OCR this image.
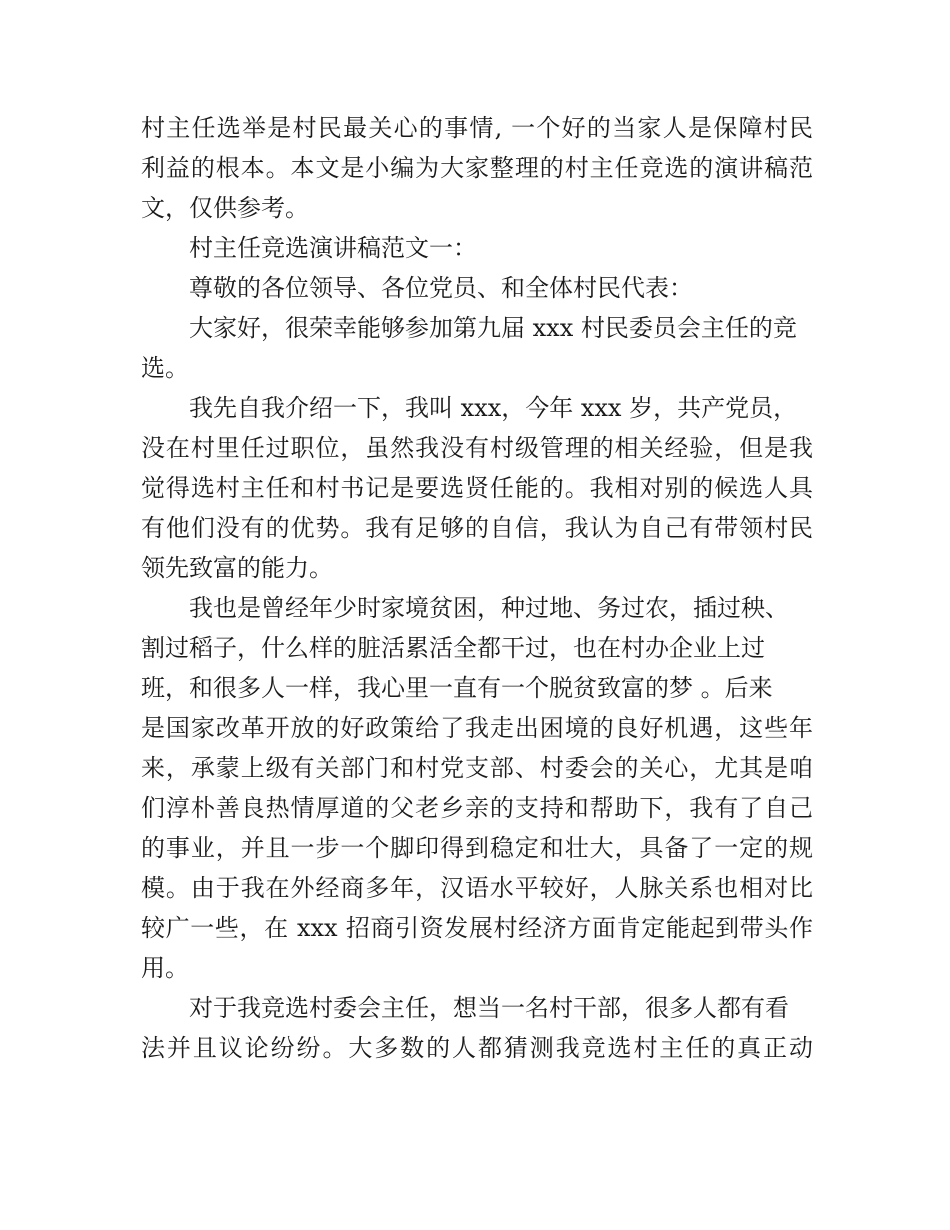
村主任选举是村民最关心的事情, 一个好的当家人是保障村民
利益的根本。本文是小编为大家整理的村主任竞选的演讲稿范
文，仅供参考。
村主任竞选演讲稿范文一：
尊敬的各位领导、各位党员、和全体村民代表：
大家好，很荣幸能够参加第九届 xxx 村民委员会主任的竞
选。
我先自我介绍一下，我叫 xxx，今年 xxx 岁，共产党员，
没在村里任过职位，虽然我没有村级管理的相关经验，但是我
觉得选村主任和村书记是要选贤任能的。我相对别的候选人具
有他们没有的优势。我有足够的自信，我认为自己有带领村民
领先致富的能力。
我也是曾经年少时家境贫困，种过地、务过农，插过秧、
割过稻子，什么样的脏活累活全都干过，也在村办企业上过
班，和很多人一样，我心里一直有一个脱贫致富的梦 。后来
是国家改革开放的好政策给了我走出困境的良好机遇，这些年
来，承蒙上级有关部门和村党支部、村委会的关心，尤其是咱
们淳朴善良热情厚道的父老乡亲的支持和帮助下，我有了自己
的事业，并且一步一个脚印得到稳定和壮大，具备了一定的规
模。由于我在外经商多年，汉语水平较好，人脉关系也相对比
较广一些，在 xxx 招商引资发展村经济方面肯定能起到带头作
用。
对于我竞选村委会主任，想当一名村干部，很多人都有看
法并且议论纷纷。大多数的人都猜测我竞选村主任的真正动
